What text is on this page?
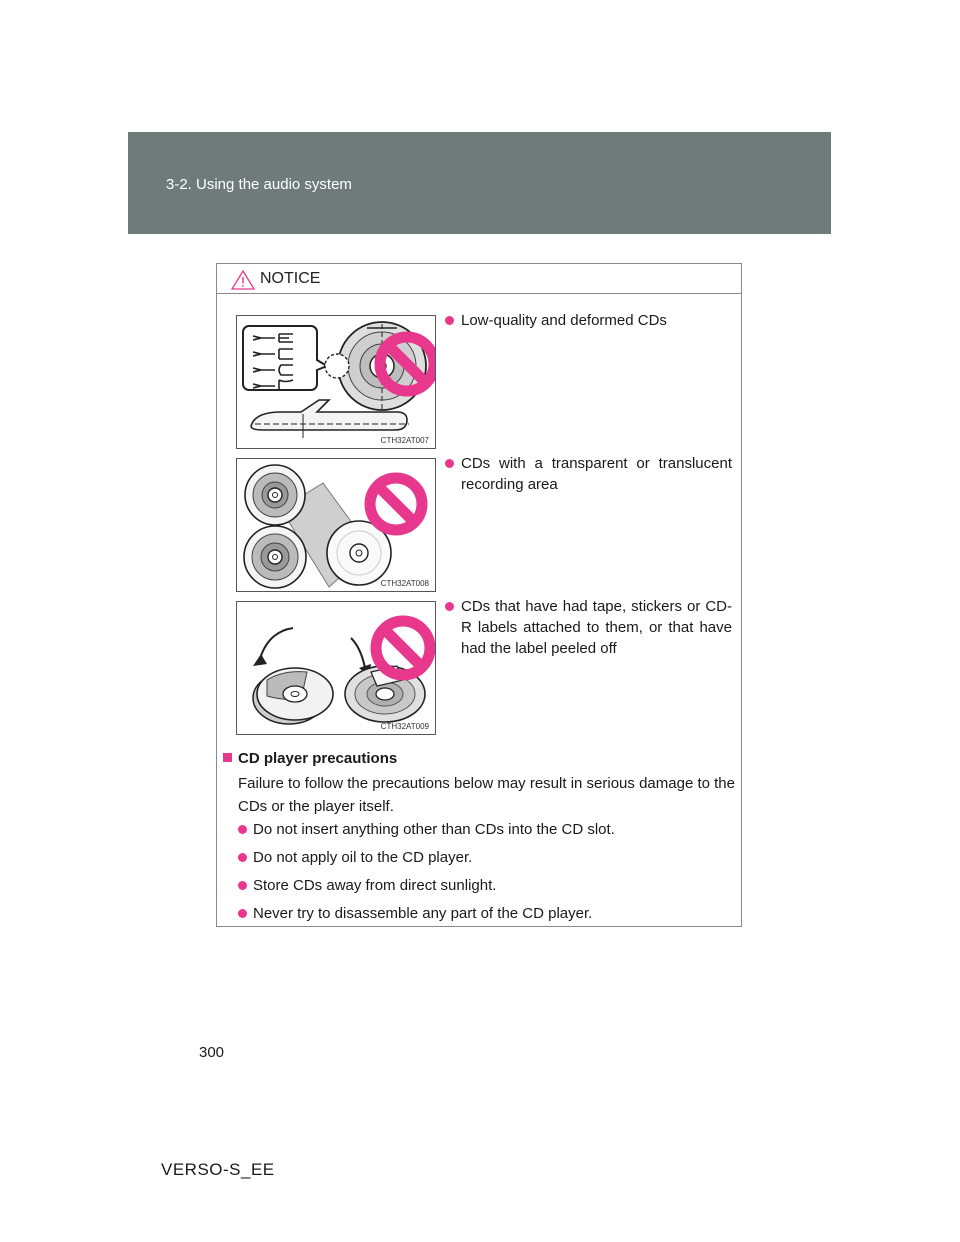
3-2. Using the audio system
NOTICE
CTH32AT007
Low-quality and deformed CDs
CTH32AT008
CDs with a transparent or translucent recording area
CTH32AT009
CDs that have had tape, stickers or CD-R labels attached to them, or that have had the label peeled off
CD player precautions
Failure to follow the precautions below may result in serious damage to the CDs or the player itself.
Do not insert anything other than CDs into the CD slot.
Do not apply oil to the CD player.
Store CDs away from direct sunlight.
Never try to disassemble any part of the CD player.
300
VERSO-S_EE
